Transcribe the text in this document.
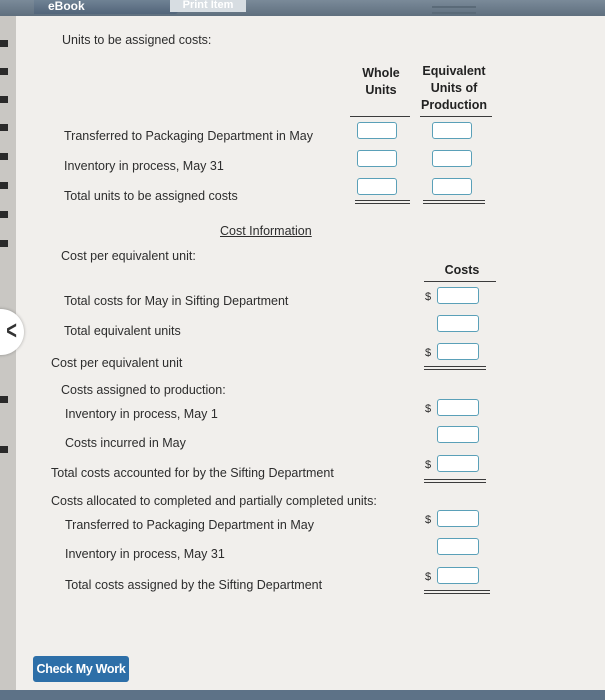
eBook	Print Item
Units to be assigned costs:
Whole Units
Equivalent Units of Production
Transferred to Packaging Department in May
Inventory in process, May 31
Total units to be assigned costs
Cost Information
Cost per equivalent unit:
Costs
<
Total costs for May in Sifting Department
Total equivalent units
Cost per equivalent unit
Costs assigned to production:
Inventory in process, May 1
Costs incurred in May
Total costs accounted for by the Sifting Department
Costs allocated to completed and partially completed units:
Transferred to Packaging Department in May
Inventory in process, May 31
Total costs assigned by the Sifting Department
$
$
$
$
$
$
Check My Work
